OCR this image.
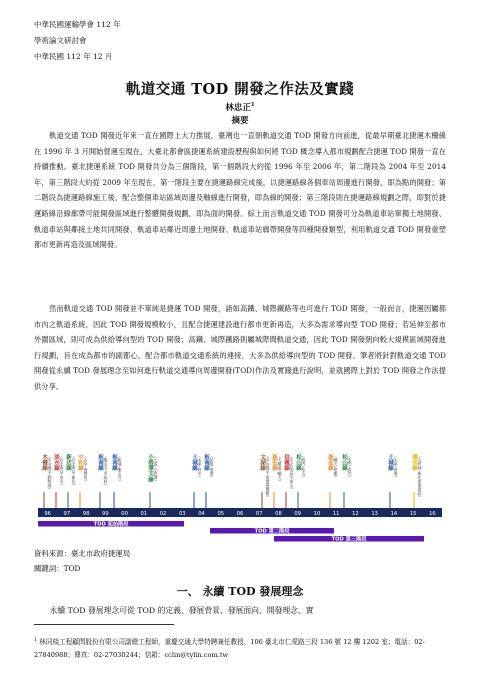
中華民國運輸學會 112 年
學術論文研討會
中華民國 112 年 12 月
軌道交通 TOD 開發之作法及實踐
林忠正$^1$
摘要
軌道交通 TOD 開發近年來一直在國際上大力推展，臺灣也一直朝軌道交通 TOD 開發方向前進，從最早期臺北捷運木柵線在 1996 年 3 月開始營運至現在，大臺北都會區捷運系統建設歷程與如何將 TOD 概念導入都市規劃配合捷運 TOD 開發一直在持續推動。臺北捷運系統 TOD 開發共分為三個階段，第一個階段大約從 1996 年至 2006 年，第二階段為 2004 年至 2014 年，第三階段大約從 2009 年至現在，第一階段主要在捷運路線完成後，以捷運路線各個車站周邊進行開發，即為點的開發；第二階段為捷運路線施工後，配合整個車站區域周邊及軸線進行開發，即為線的開發；第三階段則在捷運路線規劃之際，即對於捷運路線沿線廊帶可能開發區域進行整體開發規劃，即為面的開發。綜上而言軌道交通 TOD 開發可分為軌道車站單獨土地開發、軌道車站與鄰接土地共同開發、軌道車站鄰近周邊土地開發、軌道車站廊帶開發等四種開發類型，利用軌道交通 TOD 開發重塑都市更新再造及區域開發。
然而軌道交通 TOD 開發並不單純是捷運 TOD 開發，諸如高鐵、城際鐵路等也可進行 TOD 開發，一般而言，捷運因屬都市內之軌道系統，因此 TOD 開發規模較小，且配合捷運建設進行都市更新再造，大多為需求導向型 TOD 開發；若延伸至都市外圍區域，則可成為供給導向型的 TOD 開發；高鐵、城際鐵路則屬城際間軌道交通，因此 TOD 開發朝向較大規模區域開發進行規劃，旨在成為都市的副都心，配合都市軌道交通系統的連接，大多為供給導向型的 TOD 開發。筆者將針對軌道交通 TOD 開發從永續 TOD 發展理念至如何進行軌道交通導向周邊開發(TOD)作法及實踐進行說明，並就國際上對於 TOD 開發之作法提供分享。
96 97 98 99 00 01 02 03 04 05 06 07 08 09 10 11 12 13 14 15 16
木柵線 （中山國中-動物園） 淡水線 （台北車站-淡水） 新店線 （台北車站-新店） 中和線 （古亭-南勢角） 板南線 （龍山寺-市政府） 板南線 （新埔-龍山寺）	小碧潭支線 （七張-小碧潭）	土城線 （永寧-府中） 板南線 （昆陽-南港）	文湖線 （中山國中-南港展覽館） 新莊線 （大橋頭-輔大） 信義線 （中正紀念堂-象山） 松山線 （西門-松山）	新莊線 （輔大-迴龍） 松山線 （北門-西門）	土城線 （永寧-頂埔） 環狀線 （大坪林-新北產業園區）
TOD 起始階段
TOD 第二階段
TOD 第三階段
資料來源：臺北市政府捷運局
關鍵詞：TOD
一、 永續 TOD 發展理念
永續 TOD 發展理念可從 TOD 的定義、發展背景、發展面向、開發理念、實
$^1$ 林同棪工程顧問股份有限公司副總工程師，重慶交通大學特聘兼任教授，106 臺北市仁愛路三段 136 號 12 樓 1202 室；電話：02-27840988；傳真：02-27030244；信箱：cclin@tylin.com.tw
